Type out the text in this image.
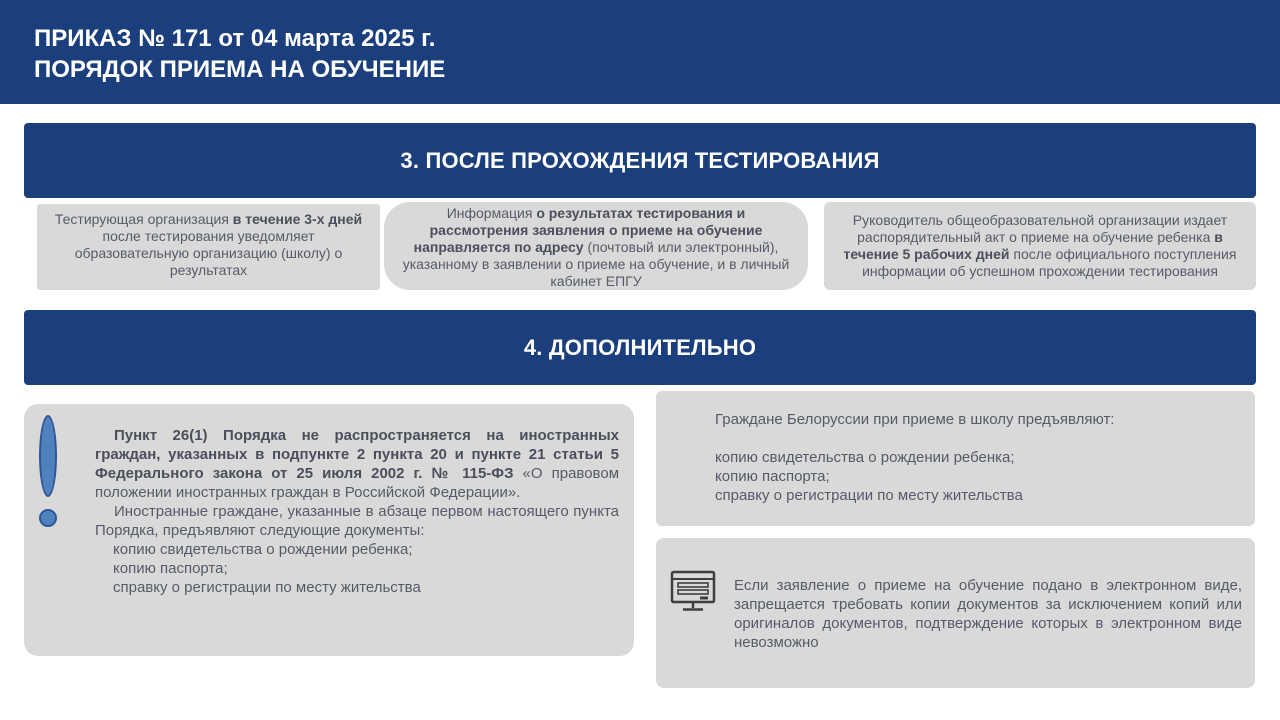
ПРИКАЗ № 171 от 04 марта 2025 г.
ПОРЯДОК ПРИЕМА НА ОБУЧЕНИЕ
3. ПОСЛЕ ПРОХОЖДЕНИЯ ТЕСТИРОВАНИЯ

Тестирующая организация в течение 3-х дней после тестирования уведомляет образовательную организацию (школу) о результатах

Информация о результатах тестирования и рассмотрения заявления о приеме на обучение направляется по адресу (почтовый или электронный), указанному в заявлении о приеме на обучение, и в личный кабинет ЕПГУ

Руководитель общеобразовательной организации издает распорядительный акт о приеме на обучение ребенка в течение 5 рабочих дней после официального поступления информации об успешном прохождении тестирования

4. ДОПОЛНИТЕЛЬНО

Пункт 26(1) Порядка не распространяется на иностранных граждан, указанных в подпункте 2 пункта 20 и пункте 21 статьи 5 Федерального закона от 25 июля 2002 г. № 115-ФЗ «О правовом положении иностранных граждан в Российской Федерации».

Иностранные граждане, указанные в абзаце первом настоящего пункта Порядка, предъявляют следующие документы:

копию свидетельства о рождении ребенка;

копию паспорта;

справку о регистрации по месту жительства

Граждане Белоруссии при приеме в школу предъявляют:
копию свидетельства о рождении ребенка;
копию паспорта;
справку о регистрации по месту жительства
Если заявление о приеме на обучение подано в электронном виде, запрещается требовать копии документов за исключением копий или оригиналов документов, подтверждение которых в электронном виде невозможно
